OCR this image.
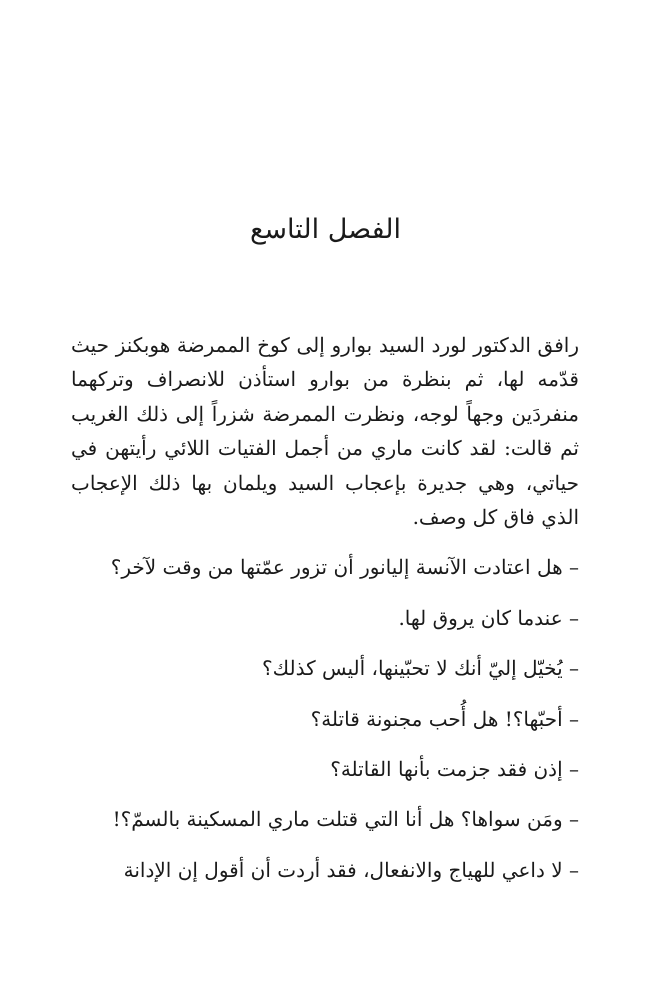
الفصل التاسع

رافق الدكتور لورد السيد بوارو إلى كوخ الممرضة هوبكنز حيث قدّمه لها، ثم بنظرة من بوارو استأذن للانصراف وتركهما منفردَين وجهاً لوجه، ونظرت الممرضة شزراً إلى ذلك الغريب ثم قالت: لقد كانت ماري من أجمل الفتيات اللائي رأيتهن في حياتي، وهي جديرة بإعجاب السيد ويلمان بها ذلك الإعجاب الذي فاق كل وصف.

– هل اعتادت الآنسة إليانور أن تزور عمّتها من وقت لآخر؟

– عندما كان يروق لها.

– يُخيّل إليّ أنك لا تحبّينها، أليس كذلك؟

– أحبّها؟! هل أُحب مجنونة قاتلة؟

– إذن فقد جزمت بأنها القاتلة؟

– ومَن سواها؟ هل أنا التي قتلت ماري المسكينة بالسمّ؟!

– لا داعي للهياج والانفعال، فقد أردت أن أقول إن الإدانة
